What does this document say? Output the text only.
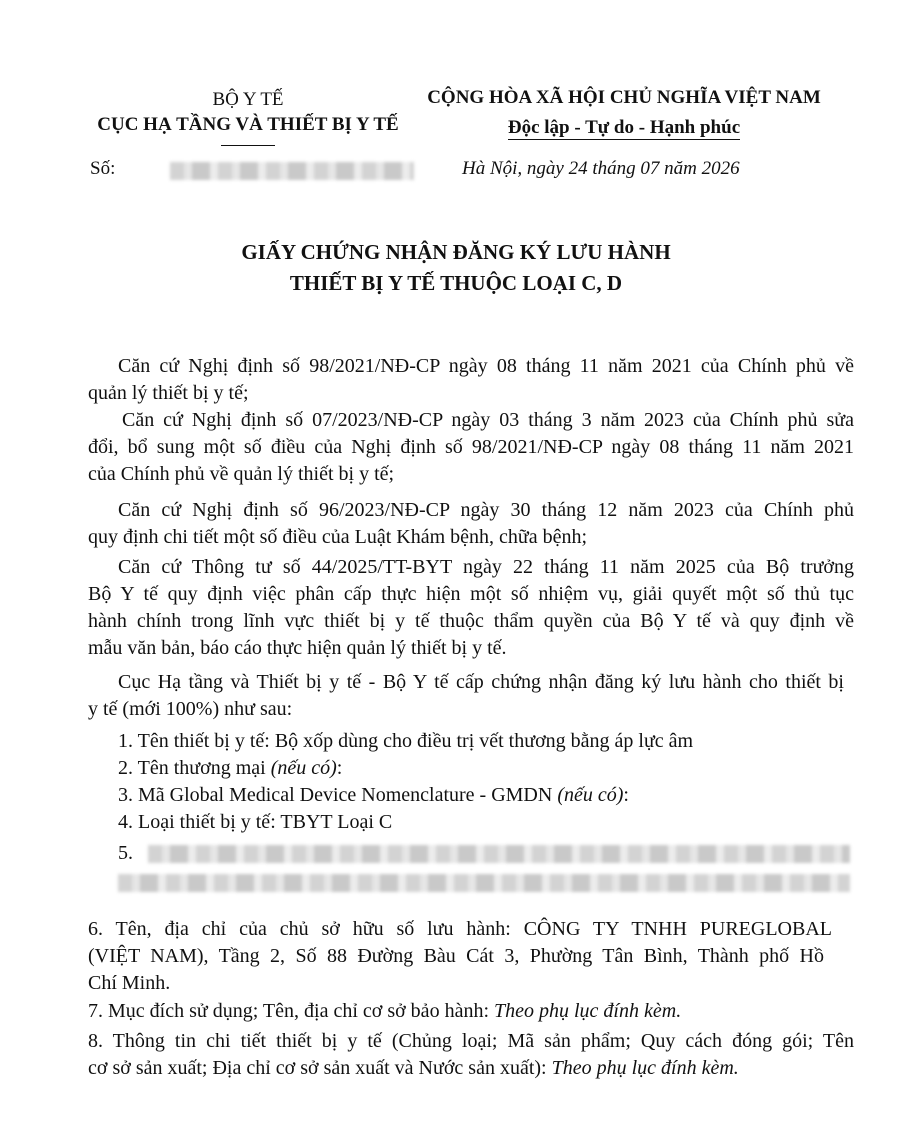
BỘ Y TẾ
CỤC HẠ TẦNG VÀ THIẾT BỊ Y TẾ
CỘNG HÒA XÃ HỘI CHỦ NGHĨA VIỆT NAM
Độc lập - Tự do - Hạnh phúc
Số:	Hà Nội, ngày 24 tháng 07 năm 2026
GIẤY CHỨNG NHẬN ĐĂNG KÝ LƯU HÀNH
THIẾT BỊ Y TẾ THUỘC LOẠI C, D
Căn cứ Nghị định số 98/2021/NĐ-CP ngày 08 tháng 11 năm 2021 của Chính phủ về
quản lý thiết bị y tế;
Căn cứ Nghị định số 07/2023/NĐ-CP ngày 03 tháng 3 năm 2023 của Chính phủ sửa
đổi, bổ sung một số điều của Nghị định số 98/2021/NĐ-CP ngày 08 tháng 11 năm 2021
của Chính phủ về quản lý thiết bị y tế;
Căn cứ Nghị định số 96/2023/NĐ-CP ngày 30 tháng 12 năm 2023 của Chính phủ
quy định chi tiết một số điều của Luật Khám bệnh, chữa bệnh;
Căn cứ Thông tư số 44/2025/TT-BYT ngày 22 tháng 11 năm 2025 của Bộ trưởng
Bộ Y tế quy định việc phân cấp thực hiện một số nhiệm vụ, giải quyết một số thủ tục
hành chính trong lĩnh vực thiết bị y tế thuộc thẩm quyền của Bộ Y tế và quy định về
mẫu văn bản, báo cáo thực hiện quản lý thiết bị y tế.
Cục Hạ tầng và Thiết bị y tế - Bộ Y tế cấp chứng nhận đăng ký lưu hành cho thiết bị
y tế (mới 100%) như sau:
1. Tên thiết bị y tế: Bộ xốp dùng cho điều trị vết thương bằng áp lực âm
2. Tên thương mại (nếu có):
3. Mã Global Medical Device Nomenclature - GMDN (nếu có):
4. Loại thiết bị y tế: TBYT Loại C
5.
6. Tên, địa chỉ của chủ sở hữu số lưu hành: CÔNG TY TNHH PUREGLOBAL
(VIỆT NAM), Tầng 2, Số 88 Đường Bàu Cát 3, Phường Tân Bình, Thành phố Hồ
Chí Minh.
7. Mục đích sử dụng; Tên, địa chỉ cơ sở bảo hành: Theo phụ lục đính kèm.
8. Thông tin chi tiết thiết bị y tế (Chủng loại; Mã sản phẩm; Quy cách đóng gói; Tên
cơ sở sản xuất; Địa chỉ cơ sở sản xuất và Nước sản xuất): Theo phụ lục đính kèm.
